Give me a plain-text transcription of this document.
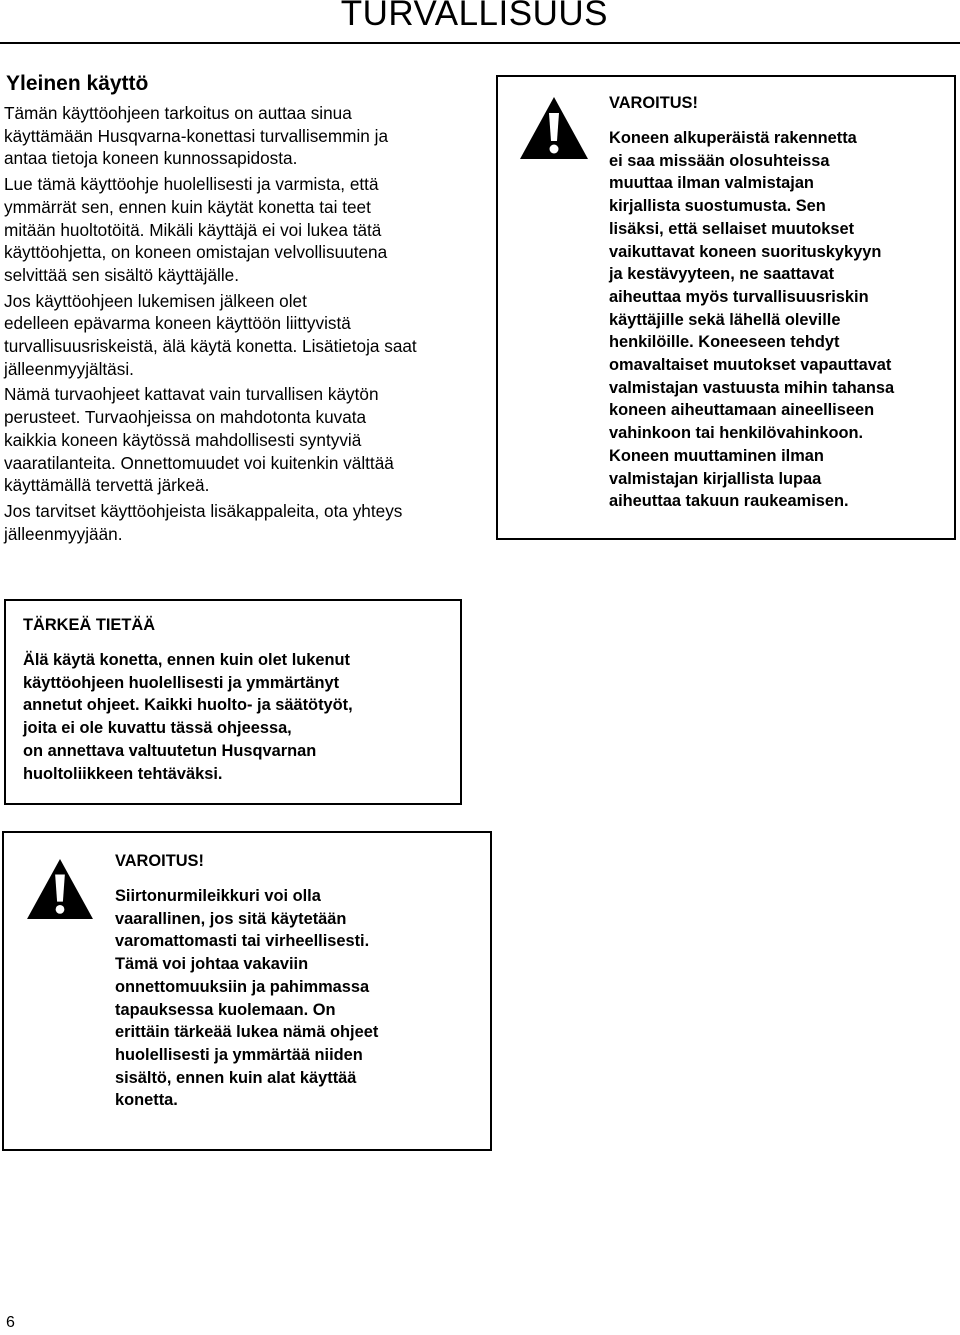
TURVALLISUUS
Yleinen käyttö

Tämän käyttöohjeen tarkoitus on auttaa sinua
käyttämään Husqvarna-konettasi turvallisemmin ja
antaa tietoja koneen kunnossapidosta.

Lue tämä käyttöohje huolellisesti ja varmista, että
ymmärrät sen, ennen kuin käytät konetta tai teet
mitään huoltotöitä. Mikäli käyttäjä ei voi lukea tätä
käyttöohjetta, on koneen omistajan velvollisuutena
selvittää sen sisältö käyttäjälle.

Jos käyttöohjeen lukemisen jälkeen olet
edelleen epävarma koneen käyttöön liittyvistä
turvallisuusriskeistä, älä käytä konetta. Lisätietoja saat
jälleenmyyjältäsi.

Nämä turvaohjeet kattavat vain turvallisen käytön
perusteet. Turvaohjeissa on mahdotonta kuvata
kaikkia koneen käytössä mahdollisesti syntyviä
vaaratilanteita. Onnettomuudet voi kuitenkin välttää
käyttämällä tervettä järkeä.

Jos tarvitset käyttöohjeista lisäkappaleita, ota yhteys
jälleenmyyjään.

VAROITUS!
Koneen alkuperäistä rakennetta
ei saa missään olosuhteissa
muuttaa ilman valmistajan
kirjallista suostumusta. Sen
lisäksi, että sellaiset muutokset
vaikuttavat koneen suorituskykyyn
ja kestävyyteen, ne saattavat
aiheuttaa myös turvallisuusriskin
käyttäjille sekä lähellä oleville
henkilöille. Koneeseen tehdyt
omavaltaiset muutokset vapauttavat
valmistajan vastuusta mihin tahansa
koneen aiheuttamaan aineelliseen
vahinkoon tai henkilövahinkoon.
Koneen muuttaminen ilman
valmistajan kirjallista lupaa
aiheuttaa takuun raukeamisen.
TÄRKEÄ TIETÄÄ
Älä käytä konetta, ennen kuin olet lukenut
käyttöohjeen huolellisesti ja ymmärtänyt
annetut ohjeet. Kaikki huolto- ja säätötyöt,
joita ei ole kuvattu tässä ohjeessa,
on annettava valtuutetun Husqvarnan
huoltoliikkeen tehtäväksi.
VAROITUS!
Siirtonurmileikkuri voi olla
vaarallinen, jos sitä käytetään
varomattomasti tai virheellisesti.
Tämä voi johtaa vakaviin
onnettomuuksiin ja pahimmassa
tapauksessa kuolemaan. On
erittäin tärkeää lukea nämä ohjeet
huolellisesti ja ymmärtää niiden
sisältö, ennen kuin alat käyttää
konetta.
6
